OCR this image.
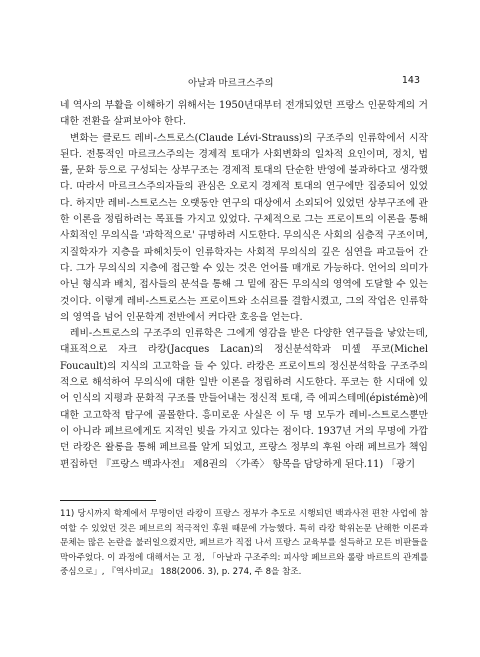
아날과 마르크스주의	143

네 역사의 부활을 이해하기 위해서는 1950년대부터 전개되었던 프랑스 인문학계의 거대한 전환을 살펴보아야 한다.

변화는 클로드 레비-스트로스(Claude Lévi-Strauss)의 구조주의 인류학에서 시작된다. 전통적인 마르크스주의는 경제적 토대가 사회변화의 일차적 요인이며, 정치, 법률, 문화 등으로 구성되는 상부구조는 경제적 토대의 단순한 반영에 불과하다고 생각했다. 따라서 마르크스주의자들의 관심은 오로지 경제적 토대의 연구에만 집중되어 있었다. 하지만 레비-스트로스는 오랫동안 연구의 대상에서 소외되어 있었던 상부구조에 관한 이론을 정립하려는 목표를 가지고 있었다. 구체적으로 그는 프로이트의 이론을 통해 사회적인 무의식을 '과학적으로' 규명하려 시도한다. 무의식은 사회의 심층적 구조이며, 지질학자가 지층을 파헤치듯이 인류학자는 사회적 무의식의 깊은 심연을 파고들어 간다. 그가 무의식의 지층에 접근할 수 있는 것은 언어를 매개로 가능하다. 언어의 의미가 아닌 형식과 배치, 접사들의 분석을 통해 그 밑에 잠든 무의식의 영역에 도달할 수 있는 것이다. 이렇게 레비-스트로스는 프로이트와 소쉬르를 결합시켰고, 그의 작업은 인류학의 영역을 넘어 인문학계 전반에서 커다란 호응을 얻는다.

레비-스트로스의 구조주의 인류학은 그에게 영감을 받은 다양한 연구들을 낳았는데, 대표적으로 자크 라캉(Jacques Lacan)의 정신분석학과 미셸 푸코(Michel Foucault)의 지식의 고고학을 들 수 있다. 라캉은 프로이트의 정신분석학을 구조주의적으로 해석하여 무의식에 대한 일반 이론을 정립하려 시도한다. 푸코는 한 시대에 있어 인식의 지평과 문화적 구조를 만들어내는 정신적 토대, 즉 에피스테메(épistémè)에 대한 고고학적 탐구에 골몰한다. 흥미로운 사실은 이 두 명 모두가 레비-스트로스뿐만이 아니라 페브르에게도 지적인 빚을 가지고 있다는 점이다. 1937년 거의 무명에 가깝던 라캉은 왈롱을 통해 페브르를 알게 되었고, 프랑스 정부의 후원 아래 페브르가 책임 편집하던 『프랑스 백과사전』 제8권의 〈가족〉 항목을 담당하게 된다.11) 「광기

11) 당시까지 학계에서 무명이던 라캉이 프랑스 정부가 추도로 시행되던 백과사전 편찬 사업에 참여할 수 있었던 것은 페브르의 적극적인 후원 때문에 가능했다. 특히 라캉 학위논문 난해한 이론과 문체는 많은 논란을 불러일으켰지만, 페브르가 직접 나서 프랑스 교육부를 설득하고 모든 비판들을 막아주었다. 이 과정에 대해서는 고 정, 「아날과 구조주의: 피사앙 페브르와 롤랑 바르트의 관계를 중심으로」, 『역사비교』 188(2006. 3), p. 274, 주 8을 참조.
